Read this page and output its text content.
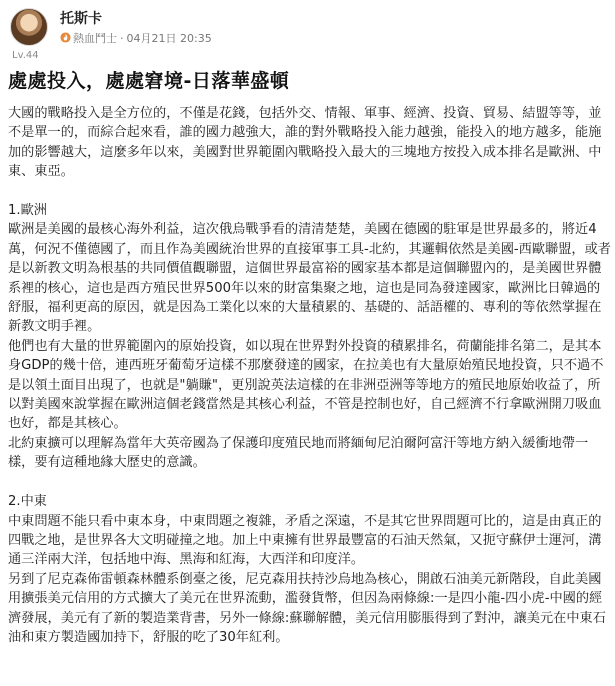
Lv.44
托斯卡
熱血鬥士 · 04月21日 20:35
處處投入，處處窘境-日落華盛頓

大國的戰略投入是全方位的，不僅是花錢，包括外交、情報、軍事、經濟、投資、貿易、結盟等等，並不是單一的，而綜合起來看，誰的國力越強大，誰的對外戰略投入能力越強，能投入的地方越多，能施加的影響越大，這麼多年以來，美國對世界範圍內戰略投入最大的三塊地方按投入成本排名是歐洲、中東、東亞。

1.歐洲

歐洲是美國的最核心海外利益，這次俄烏戰爭看的清清楚楚，美國在德國的駐軍是世界最多的，將近4萬，何況不僅德國了，而且作為美國統治世界的直接軍事工具-北約，其邏輯依然是美國-西歐聯盟，或者是以新教文明為根基的共同價值觀聯盟，這個世界最富裕的國家基本都是這個聯盟內的，是美國世界體系裡的核心，這也是西方殖民世界500年以來的財富集聚之地，這也是同為發達國家，歐洲比日韓過的舒服，福利更高的原因，就是因為工業化以來的大量積累的、基礎的、話語權的、專利的等依然掌握在新教文明手裡。

他們也有大量的世界範圍內的原始投資，如以現在世界對外投資的積累排名，荷蘭能排名第二，是其本身GDP的幾十倍，連西班牙葡萄牙這樣不那麼發達的國家，在拉美也有大量原始殖民地投資，只不過不是以領土面目出現了，也就是"躺賺"，更別說英法這樣的在非洲亞洲等等地方的殖民地原始收益了，所以對美國來說掌握在歐洲這個老錢當然是其核心利益，不管是控制也好，自己經濟不行拿歐洲開刀吸血也好，都是其核心。

北約東擴可以理解為當年大英帝國為了保護印度殖民地而將緬甸尼泊爾阿富汗等地方納入緩衝地帶一樣，要有這種地緣大歷史的意識。

2.中東

中東問題不能只看中東本身，中東問題之複雜，矛盾之深遠，不是其它世界問題可比的，這是由真正的四戰之地，是世界各大文明碰撞之地。加上中東擁有世界最豐富的石油天然氣，又扼守蘇伊士運河，溝通三洋兩大洋，包括地中海、黑海和紅海，大西洋和印度洋。

另到了尼克森佈雷頓森林體系倒臺之後，尼克森用扶持沙烏地為核心，開啟石油美元新階段，自此美國用擴張美元信用的方式擴大了美元在世界流動，濫發貨幣，但因為兩條線:一是四小龍-四小虎-中國的經濟發展，美元有了新的製造業背書，另外一條線:蘇聯解體，美元信用膨脹得到了對沖，讓美元在中東石油和東方製造國加持下，舒服的吃了30年紅利。
